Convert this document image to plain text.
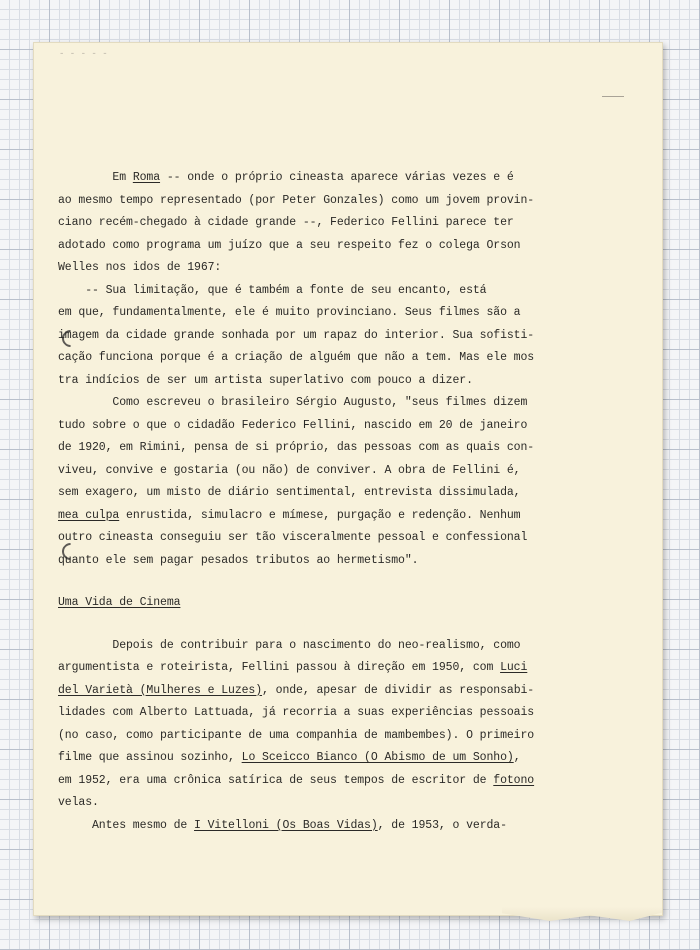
- - - - -
Em Roma -- onde o próprio cineasta aparece várias vezes e é
ao mesmo tempo representado (por Peter Gonzales) como um jovem provin-
ciano recém-chegado à cidade grande --, Federico Fellini parece ter
adotado como programa um juízo que a seu respeito fez o colega Orson
Welles nos idos de 1967:
-- Sua limitação, que é também a fonte de seu encanto, está
em que, fundamentalmente, ele é muito provinciano. Seus filmes são a
imagem da cidade grande sonhada por um rapaz do interior. Sua sofisti-
cação funciona porque é a criação de alguém que não a tem. Mas ele mos
tra indícios de ser um artista superlativo com pouco a dizer.
Como escreveu o brasileiro Sérgio Augusto, "seus filmes dizem
tudo sobre o que o cidadão Federico Fellini, nascido em 20 de janeiro
de 1920, em Rimini, pensa de si próprio, das pessoas com as quais con-
viveu, convive e gostaria (ou não) de conviver. A obra de Fellini é,
sem exagero, um misto de diário sentimental, entrevista dissimulada,
mea culpa enrustida, simulacro e mímese, purgação e redenção. Nenhum
outro cineasta conseguiu ser tão visceralmente pessoal e confessional
quanto ele sem pagar pesados tributos ao hermetismo".
Uma Vida de Cinema
Depois de contribuir para o nascimento do neo-realismo, como
argumentista e roteirista, Fellini passou à direção em 1950, com Luci
del Varietà (Mulheres e Luzes), onde, apesar de dividir as responsabi-
lidades com Alberto Lattuada, já recorria a suas experiências pessoais
(no caso, como participante de uma companhia de mambembes). O primeiro
filme que assinou sozinho, Lo Sceicco Bianco (O Abismo de um Sonho),
em 1952, era uma crônica satírica de seus tempos de escritor de fotono
velas.
Antes mesmo de I Vitelloni (Os Boas Vidas), de 1953, o verda-
